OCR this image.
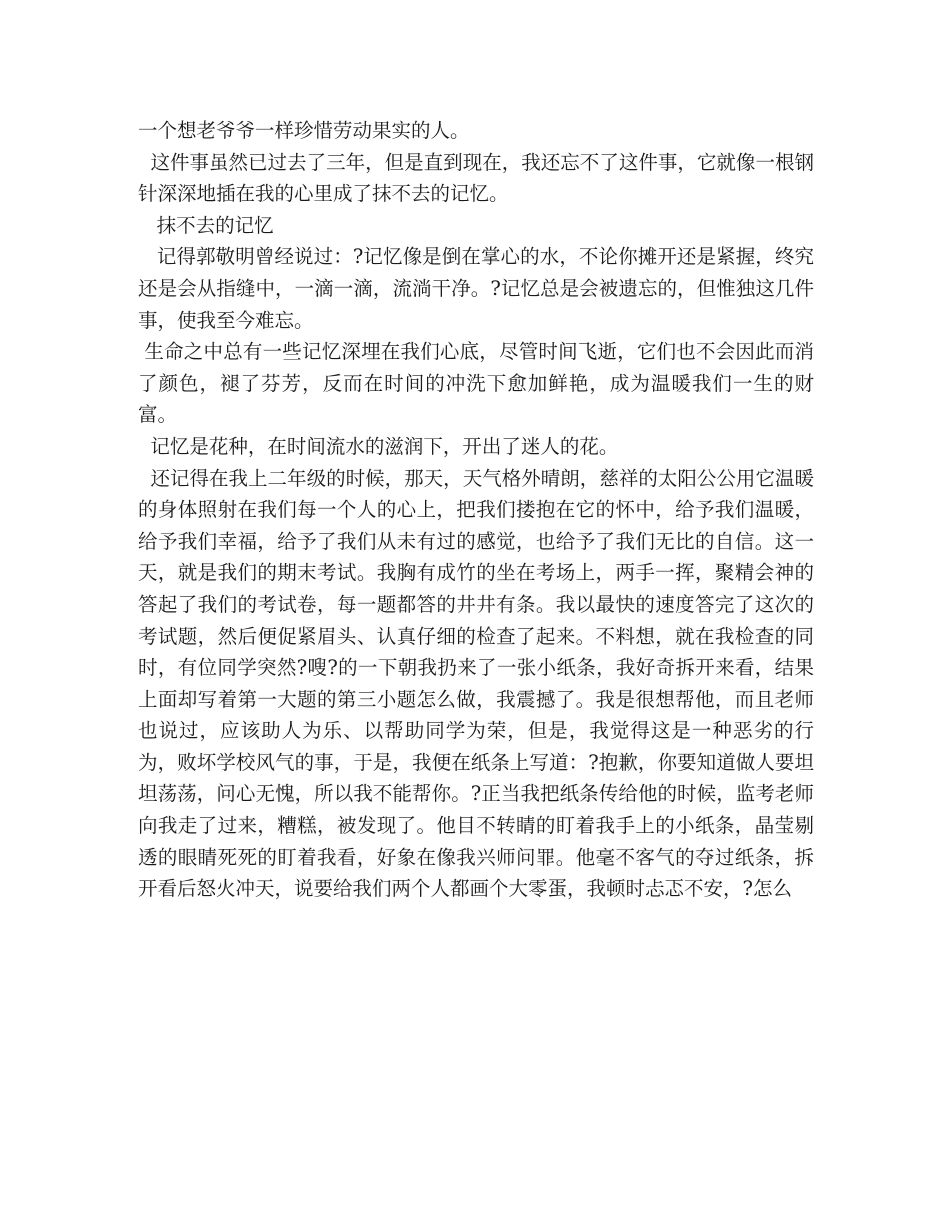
一个想老爷爷一样珍惜劳动果实的人。

这件事虽然已过去了三年，但是直到现在，我还忘不了这件事，它就像一根钢针深深地插在我的心里成了抹不去的记忆。

抹不去的记忆

记得郭敬明曾经说过：?记忆像是倒在掌心的水，不论你摊开还是紧握，终究还是会从指缝中，一滴一滴，流淌干净。?记忆总是会被遗忘的，但惟独这几件事，使我至今难忘。

生命之中总有一些记忆深埋在我们心底，尽管时间飞逝，它们也不会因此而消了颜色，褪了芬芳，反而在时间的冲洗下愈加鲜艳，成为温暖我们一生的财富。

记忆是花种，在时间流水的滋润下，开出了迷人的花。

还记得在我上二年级的时候，那天，天气格外晴朗，慈祥的太阳公公用它温暖的身体照射在我们每一个人的心上，把我们搂抱在它的怀中，给予我们温暖，给予我们幸福，给予了我们从未有过的感觉，也给予了我们无比的自信。这一天，就是我们的期末考试。我胸有成竹的坐在考场上，两手一挥，聚精会神的答起了我们的考试卷，每一题都答的井井有条。我以最快的速度答完了这次的考试题，然后便促紧眉头、认真仔细的检查了起来。不料想，就在我检查的同时，有位同学突然?嗖?的一下朝我扔来了一张小纸条，我好奇拆开来看，结果上面却写着第一大题的第三小题怎么做，我震撼了。我是很想帮他，而且老师也说过，应该助人为乐、以帮助同学为荣，但是，我觉得这是一种恶劣的行为，败坏学校风气的事，于是，我便在纸条上写道：?抱歉，你要知道做人要坦坦荡荡，问心无愧，所以我不能帮你。?正当我把纸条传给他的时候，监考老师向我走了过来，糟糕，被发现了。他目不转睛的盯着我手上的小纸条，晶莹剔透的眼睛死死的盯着我看，好象在像我兴师问罪。他毫不客气的夺过纸条，拆开看后怒火冲天，说要给我们两个人都画个大零蛋，我顿时忐忑不安，?怎么
